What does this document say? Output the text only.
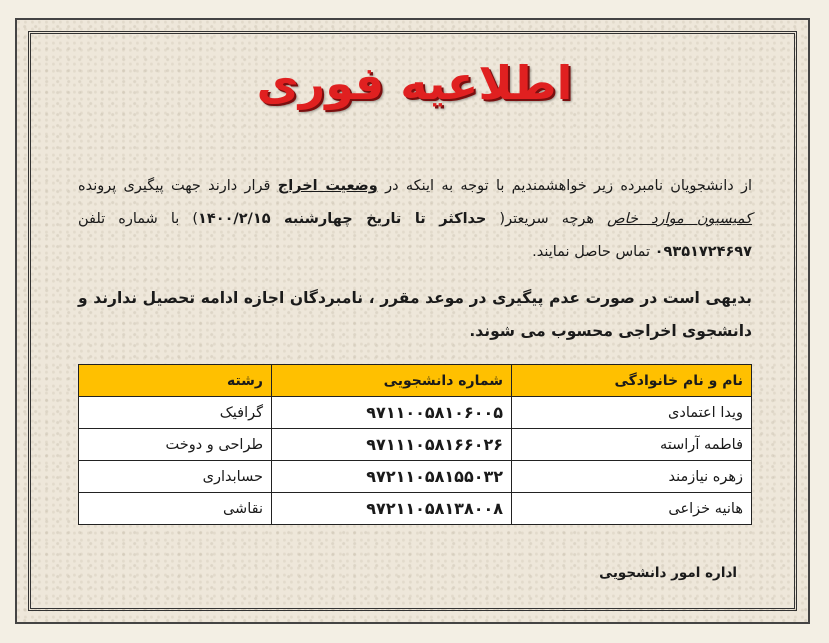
اطلاعیه فوری
از دانشجویان نامبرده زیر خواهشمندیم با توجه به اینکه در وضعیت اخراج قرار دارند جهت پیگیری پرونده کمیسیون موارد خاص هرچه سریعتر( حداکثر تا تاریخ چهارشنبه ۱۴۰۰/۲/۱۵) با شماره تلفن ۰۹۳۵۱۷۲۴۶۹۷ تماس حاصل نمایند.
بدیهی است در صورت عدم پیگیری در موعد مقرر ، نامبردگان اجازه ادامه تحصیل ندارند و دانشجوی اخراجی محسوب می شوند.
نام و نام خانوادگی	شماره دانشجویی	رشته
ویدا اعتمادی	۹۷۱۱۰۰۵۸۱۰۶۰۰۵	گرافیک
فاطمه آراسته	۹۷۱۱۱۰۵۸۱۶۶۰۲۶	طراحی و دوخت
زهره نیازمند	۹۷۲۱۱۰۵۸۱۵۵۰۳۲	حسابداری
هانیه خزاعی	۹۷۲۱۱۰۵۸۱۳۸۰۰۸	نقاشی
اداره امور دانشجویی
